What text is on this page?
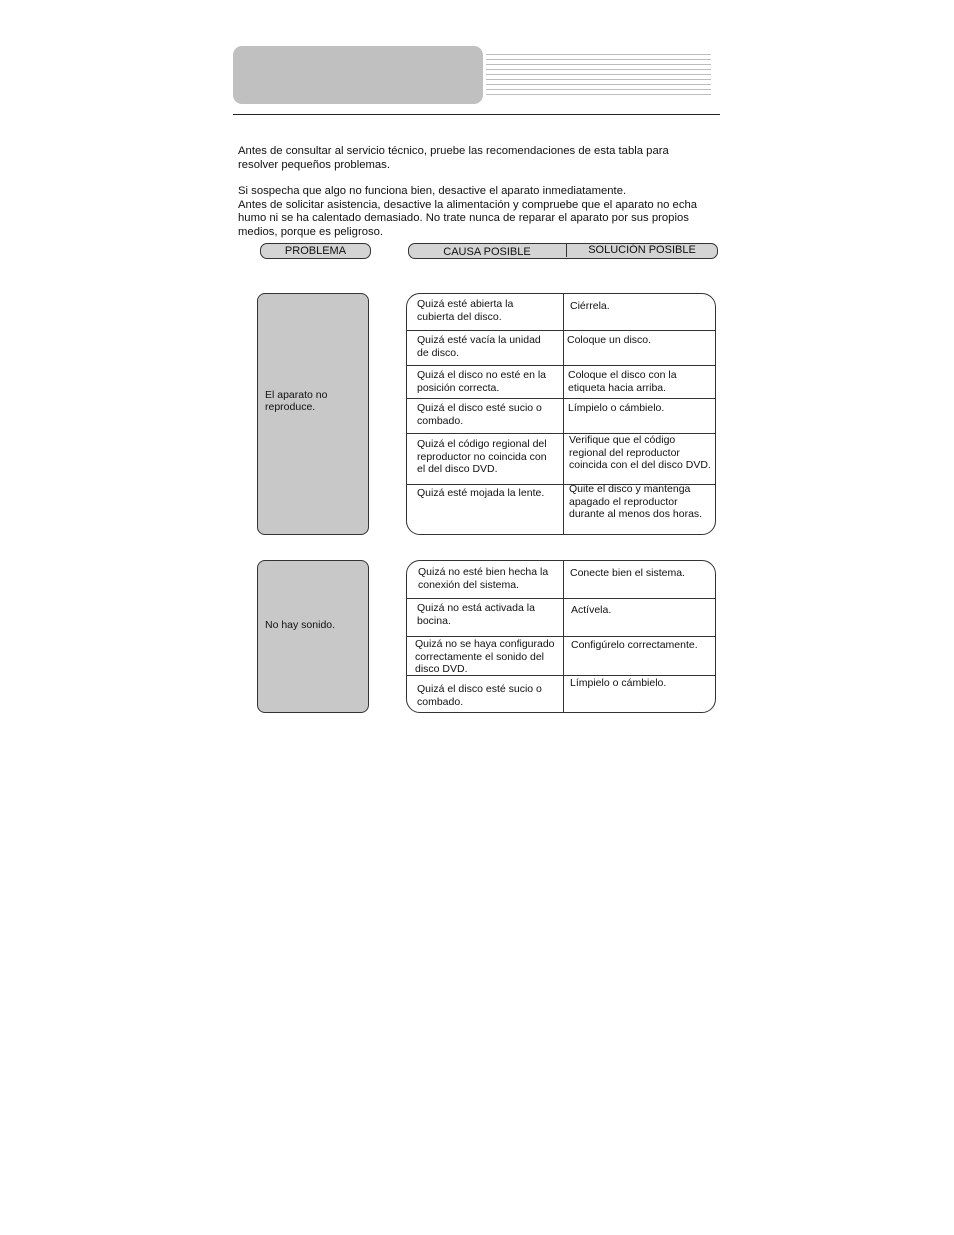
Antes de consultar al servicio técnico, pruebe las recomendaciones de esta tabla para

resolver pequeños problemas.

Si sospecha que algo no funciona bien, desactive el aparato inmediatamente.

Antes de solicitar asistencia, desactive la alimentación y compruebe que el aparato no echa

humo ni se ha calentado demasiado. No trate nunca de reparar el aparato por sus propios

medios, porque es peligroso.

PROBLEMA	CAUSA POSIBLE	SOLUCIÓN POSIBLE
El aparato no
reproduce.
Quizá esté abierta la
cubierta del disco.
Ciérrela.
Quizá esté vacía la unidad
de disco.
Coloque un disco.
Quizá el disco no esté en la
posición correcta.
Coloque el disco con la
etiqueta hacia arriba.
Quizá el disco esté sucio o
combado.
Límpielo o cámbielo.
Quizá el código regional del
reproductor no coincida con
el del disco DVD.
Verifique que el código
regional del reproductor
coincida con el del disco DVD.
Quizá esté mojada la lente. Quite el disco y mantenga
apagado el reproductor
durante al menos dos horas.
No hay sonido.
Quizá no esté bien hecha la
conexión del sistema.
Conecte bien el sistema.
Quizá no está activada la
bocina.
Actívela.
Quizá no se haya configurado
correctamente el sonido del
disco DVD.
Configúrelo correctamente.
Quizá el disco esté sucio o
combado.
Límpielo o cámbielo.
